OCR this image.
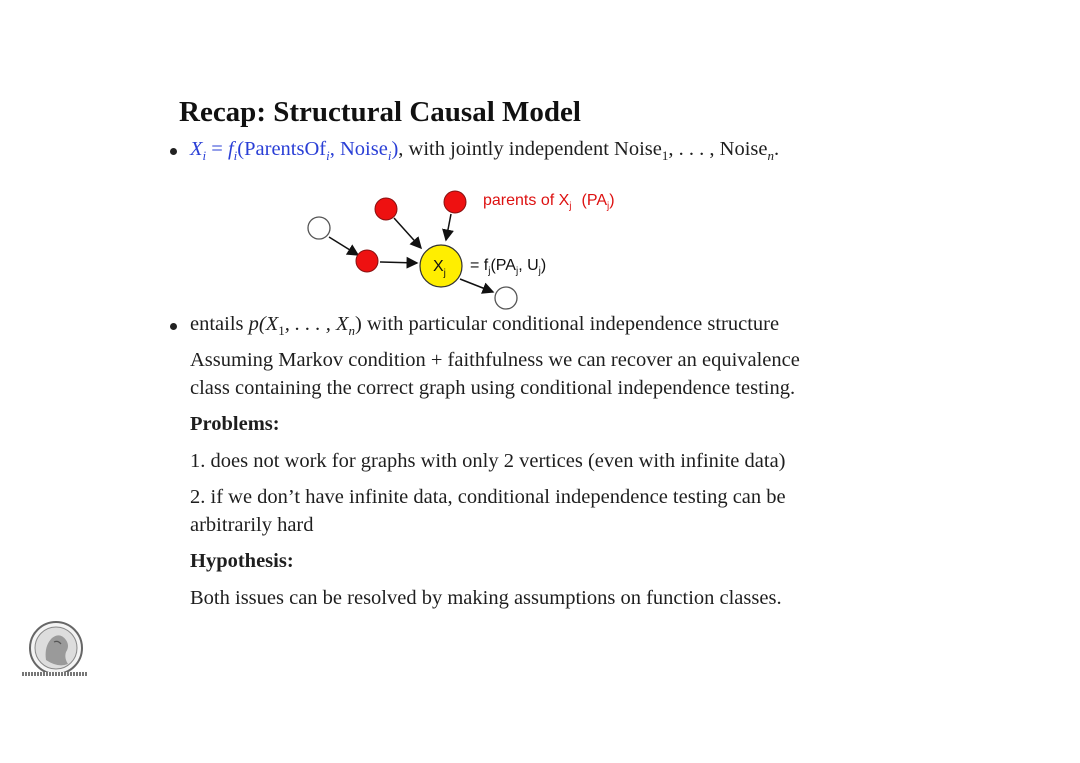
Recap: Structural Causal Model
$X_i$ = $f_i(ParentsOf_i$, Noise$_i$), with jointly independent Noise$_1$, . . . , Noise$_n$.
$X_j$
parents of $X_j$ $(PA_j)$
= $f_j(PA_j$, $U_j$)
entails $p(X_1$, . . . , $X_n$) with particular conditional independence structure
Assuming Markov condition + faithfulness we can recover an equivalence
class containing the correct graph using conditional independence testing.
Problems:
1. does not work for graphs with only 2 vertices (even with infinite data)
2. if we don’t have infinite data, conditional independence testing can be
arbitrarily hard
Hypothesis:
Both issues can be resolved by making assumptions on function classes.
